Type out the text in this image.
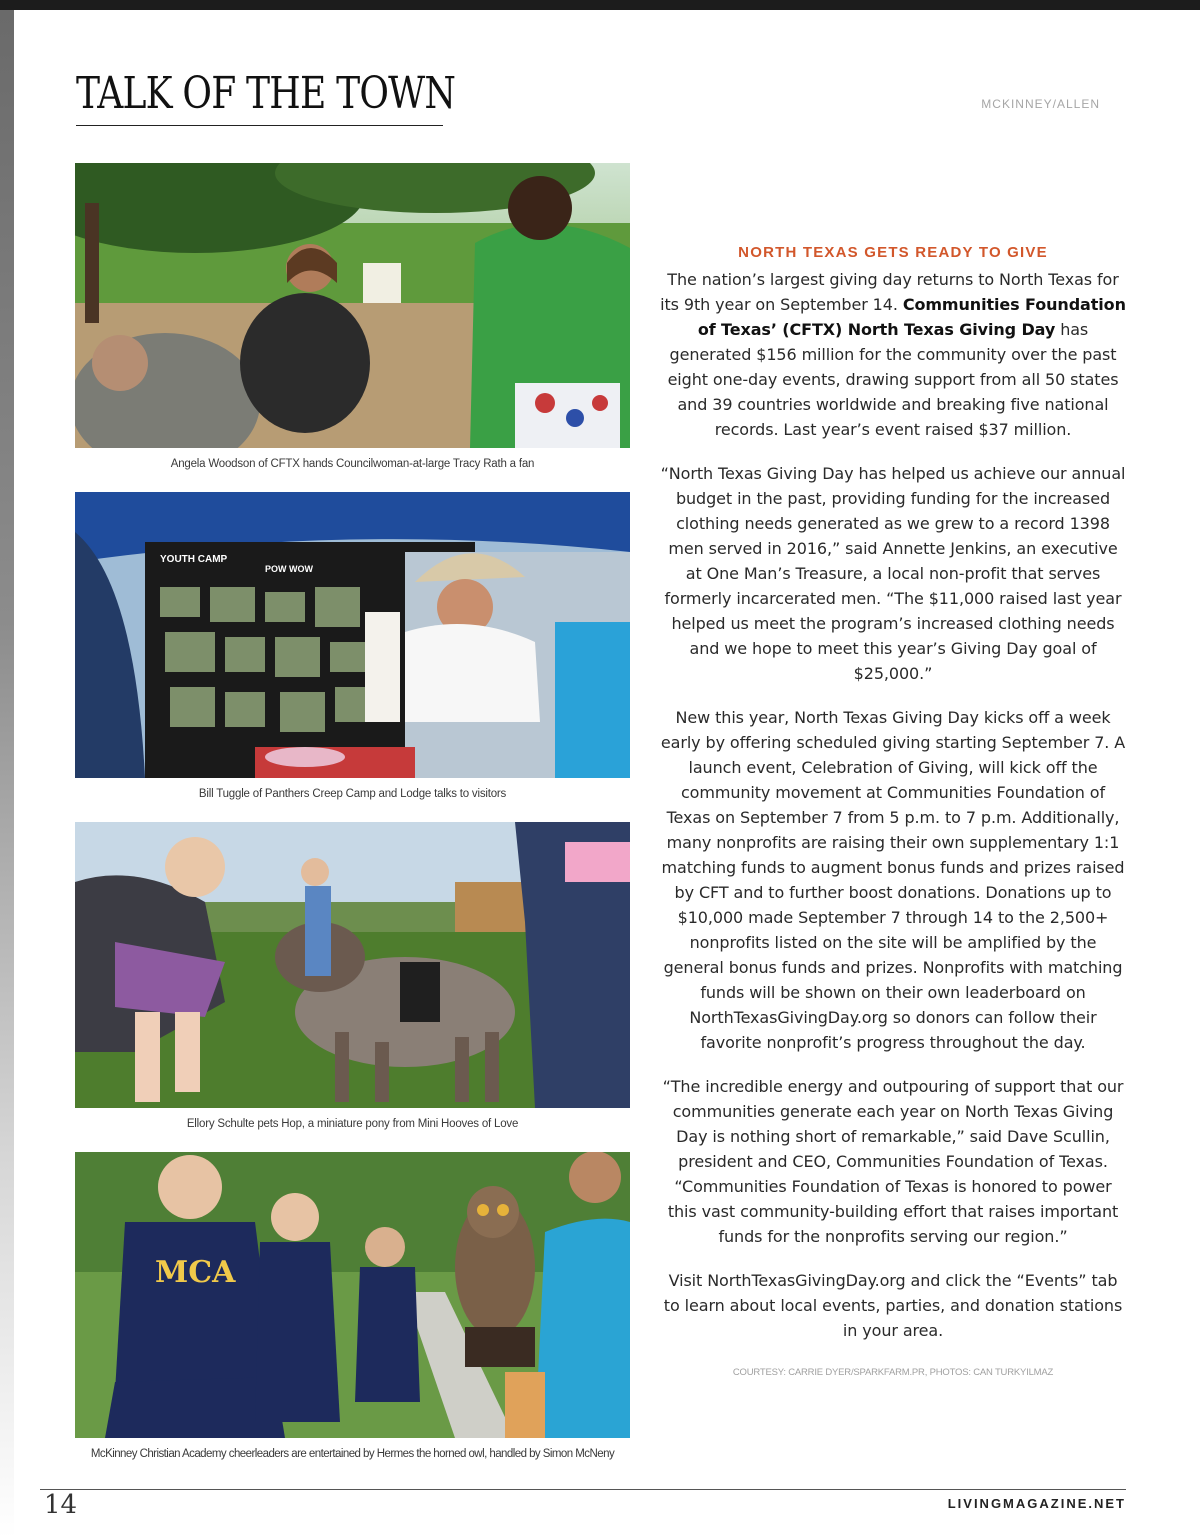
TALK OF THE TOWN	MCKINNEY/ALLEN
Angela Woodson of CFTX hands Councilwoman-at-large Tracy Rath a fan
YOUTH CAMP
POW WOW
Bill Tuggle of Panthers Creep Camp and Lodge talks to visitors
Ellory Schulte pets Hop, a miniature pony from Mini Hooves of Love
MCA
McKinney Christian Academy cheerleaders are entertained by Hermes the horned owl, handled by Simon McNeny
NORTH TEXAS GETS READY TO GIVE

The nation’s largest giving day returns to North Texas for its 9th year on September 14. Communities Foundation of Texas’ (CFTX) North Texas Giving Day has generated $156 million for the community over the past eight one-day events, drawing support from all 50 states and 39 countries worldwide and breaking five national records. Last year’s event raised $37 million.

“North Texas Giving Day has helped us achieve our annual budget in the past, providing funding for the increased clothing needs generated as we grew to a record 1398 men served in 2016,” said Annette Jenkins, an executive at One Man’s Treasure, a local non-profit that serves formerly incarcerated men. “The $11,000 raised last year helped us meet the program’s increased clothing needs and we hope to meet this year’s Giving Day goal of $25,000.”

New this year, North Texas Giving Day kicks off a week early by offering scheduled giving starting September 7. A launch event, Celebration of Giving, will kick off the community movement at Communities Foundation of Texas on September 7 from 5 p.m. to 7 p.m. Additionally, many nonprofits are raising their own supplementary 1:1 matching funds to augment bonus funds and prizes raised by CFT and to further boost donations. Donations up to $10,000 made September 7 through 14 to the 2,500+ nonprofits listed on the site will be amplified by the general bonus funds and prizes. Nonprofits with matching funds will be shown on their own leaderboard on NorthTexasGivingDay.org so donors can follow their favorite nonprofit’s progress throughout the day.

“The incredible energy and outpouring of support that our communities generate each year on North Texas Giving Day is nothing short of remarkable,” said Dave Scullin, president and CEO, Communities Foundation of Texas. “Communities Foundation of Texas is honored to power this vast community-building effort that raises important funds for the nonprofits serving our region.”

Visit NorthTexasGivingDay.org and click the “Events” tab to learn about local events, parties, and donation stations in your area.

COURTESY: CARRIE DYER/SPARKFARM.PR, PHOTOS: CAN TURKYILMAZ
14	LIVINGMAGAZINE.NET
